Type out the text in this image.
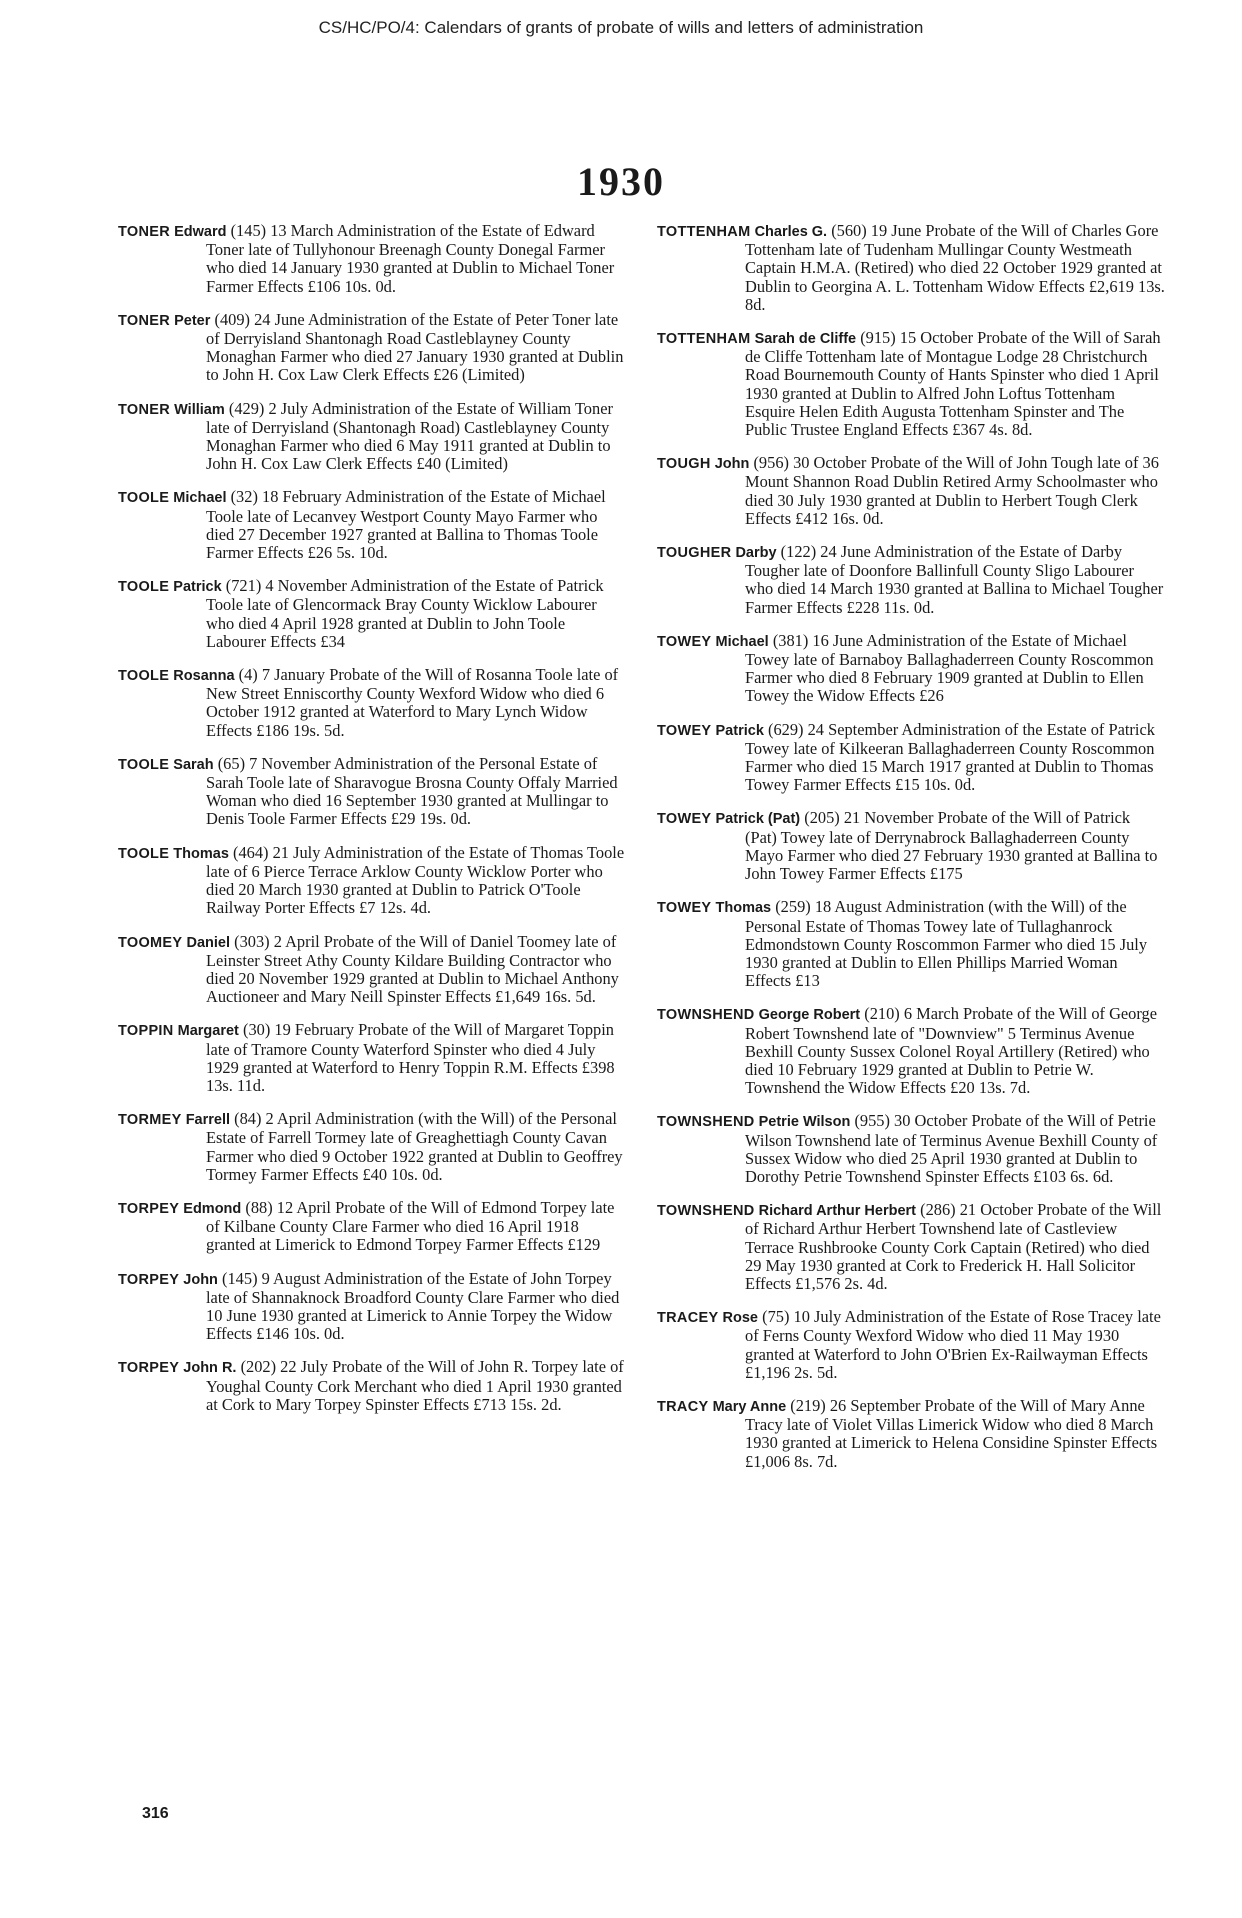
CS/HC/PO/4: Calendars of grants of probate of wills and letters of administration
1930

TONER Edward (145) 13 March Administration of the Estate of Edward Toner late of Tullyhonour Breenagh County Donegal Farmer who died 14 January 1930 granted at Dublin to Michael Toner Farmer Effects £106 10s. 0d.

TONER Peter (409) 24 June Administration of the Estate of Peter Toner late of Derryisland Shantonagh Road Castleblayney County Monaghan Farmer who died 27 January 1930 granted at Dublin to John H. Cox Law Clerk Effects £26 (Limited)

TONER William (429) 2 July Administration of the Estate of William Toner late of Derryisland (Shantonagh Road) Castleblayney County Monaghan Farmer who died 6 May 1911 granted at Dublin to John H. Cox Law Clerk Effects £40 (Limited)

TOOLE Michael (32) 18 February Administration of the Estate of Michael Toole late of Lecanvey Westport County Mayo Farmer who died 27 December 1927 granted at Ballina to Thomas Toole Farmer Effects £26 5s. 10d.

TOOLE Patrick (721) 4 November Administration of the Estate of Patrick Toole late of Glencormack Bray County Wicklow Labourer who died 4 April 1928 granted at Dublin to John Toole Labourer Effects £34

TOOLE Rosanna (4) 7 January Probate of the Will of Rosanna Toole late of New Street Enniscorthy County Wexford Widow who died 6 October 1912 granted at Waterford to Mary Lynch Widow Effects £186 19s. 5d.

TOOLE Sarah (65) 7 November Administration of the Personal Estate of Sarah Toole late of Sharavogue Brosna County Offaly Married Woman who died 16 September 1930 granted at Mullingar to Denis Toole Farmer Effects £29 19s. 0d.

TOOLE Thomas (464) 21 July Administration of the Estate of Thomas Toole late of 6 Pierce Terrace Arklow County Wicklow Porter who died 20 March 1930 granted at Dublin to Patrick O'Toole Railway Porter Effects £7 12s. 4d.

TOOMEY Daniel (303) 2 April Probate of the Will of Daniel Toomey late of Leinster Street Athy County Kildare Building Contractor who died 20 November 1929 granted at Dublin to Michael Anthony Auctioneer and Mary Neill Spinster Effects £1,649 16s. 5d.

TOPPIN Margaret (30) 19 February Probate of the Will of Margaret Toppin late of Tramore County Waterford Spinster who died 4 July 1929 granted at Waterford to Henry Toppin R.M. Effects £398 13s. 11d.

TORMEY Farrell (84) 2 April Administration (with the Will) of the Personal Estate of Farrell Tormey late of Greaghettiagh County Cavan Farmer who died 9 October 1922 granted at Dublin to Geoffrey Tormey Farmer Effects £40 10s. 0d.

TORPEY Edmond (88) 12 April Probate of the Will of Edmond Torpey late of Kilbane County Clare Farmer who died 16 April 1918 granted at Limerick to Edmond Torpey Farmer Effects £129

TORPEY John (145) 9 August Administration of the Estate of John Torpey late of Shannaknock Broadford County Clare Farmer who died 10 June 1930 granted at Limerick to Annie Torpey the Widow Effects £146 10s. 0d.

TORPEY John R. (202) 22 July Probate of the Will of John R. Torpey late of Youghal County Cork Merchant who died 1 April 1930 granted at Cork to Mary Torpey Spinster Effects £713 15s. 2d.

TOTTENHAM Charles G. (560) 19 June Probate of the Will of Charles Gore Tottenham late of Tudenham Mullingar County Westmeath Captain H.M.A. (Retired) who died 22 October 1929 granted at Dublin to Georgina A. L. Tottenham Widow Effects £2,619 13s. 8d.

TOTTENHAM Sarah de Cliffe (915) 15 October Probate of the Will of Sarah de Cliffe Tottenham late of Montague Lodge 28 Christchurch Road Bournemouth County of Hants Spinster who died 1 April 1930 granted at Dublin to Alfred John Loftus Tottenham Esquire Helen Edith Augusta Tottenham Spinster and The Public Trustee England Effects £367 4s. 8d.

TOUGH John (956) 30 October Probate of the Will of John Tough late of 36 Mount Shannon Road Dublin Retired Army Schoolmaster who died 30 July 1930 granted at Dublin to Herbert Tough Clerk Effects £412 16s. 0d.

TOUGHER Darby (122) 24 June Administration of the Estate of Darby Tougher late of Doonfore Ballinfull County Sligo Labourer who died 14 March 1930 granted at Ballina to Michael Tougher Farmer Effects £228 11s. 0d.

TOWEY Michael (381) 16 June Administration of the Estate of Michael Towey late of Barnaboy Ballaghaderreen County Roscommon Farmer who died 8 February 1909 granted at Dublin to Ellen Towey the Widow Effects £26

TOWEY Patrick (629) 24 September Administration of the Estate of Patrick Towey late of Kilkeeran Ballaghaderreen County Roscommon Farmer who died 15 March 1917 granted at Dublin to Thomas Towey Farmer Effects £15 10s. 0d.

TOWEY Patrick (Pat) (205) 21 November Probate of the Will of Patrick (Pat) Towey late of Derrynabrock Ballaghaderreen County Mayo Farmer who died 27 February 1930 granted at Ballina to John Towey Farmer Effects £175

TOWEY Thomas (259) 18 August Administration (with the Will) of the Personal Estate of Thomas Towey late of Tullaghanrock Edmondstown County Roscommon Farmer who died 15 July 1930 granted at Dublin to Ellen Phillips Married Woman Effects £13

TOWNSHEND George Robert (210) 6 March Probate of the Will of George Robert Townshend late of "Downview" 5 Terminus Avenue Bexhill County Sussex Colonel Royal Artillery (Retired) who died 10 February 1929 granted at Dublin to Petrie W. Townshend the Widow Effects £20 13s. 7d.

TOWNSHEND Petrie Wilson (955) 30 October Probate of the Will of Petrie Wilson Townshend late of Terminus Avenue Bexhill County of Sussex Widow who died 25 April 1930 granted at Dublin to Dorothy Petrie Townshend Spinster Effects £103 6s. 6d.

TOWNSHEND Richard Arthur Herbert (286) 21 October Probate of the Will of Richard Arthur Herbert Townshend late of Castleview Terrace Rushbrooke County Cork Captain (Retired) who died 29 May 1930 granted at Cork to Frederick H. Hall Solicitor Effects £1,576 2s. 4d.

TRACEY Rose (75) 10 July Administration of the Estate of Rose Tracey late of Ferns County Wexford Widow who died 11 May 1930 granted at Waterford to John O'Brien Ex-Railwayman Effects £1,196 2s. 5d.

TRACY Mary Anne (219) 26 September Probate of the Will of Mary Anne Tracy late of Violet Villas Limerick Widow who died 8 March 1930 granted at Limerick to Helena Considine Spinster Effects £1,006 8s. 7d.

316
